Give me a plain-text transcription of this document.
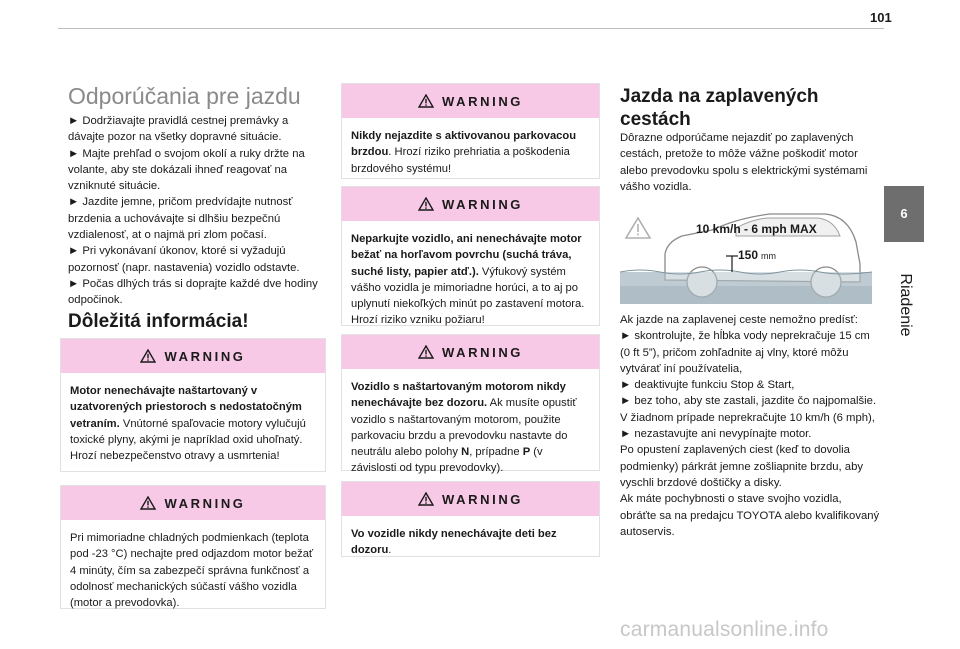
101
6
Riadenie
Odporúčania pre jazdu
► Dodržiavajte pravidlá cestnej premávky a dávajte pozor na všetky dopravné situácie.
► Majte prehľad o svojom okolí a ruky držte na volante, aby ste dokázali ihneď reagovať na vzniknuté situácie.
► Jazdite jemne, pričom predvídajte nutnosť brzdenia a uchovávajte si dlhšiu bezpečnú vzdialenosť, at o najmä pri zlom počasí.
► Pri vykonávaní úkonov, ktoré si vyžadujú pozornosť (napr. nastavenia) vozidlo odstavte.
► Počas dlhých trás si doprajte každé dve hodiny odpočinok.
Dôležitá informácia!
WARNING
Motor nenechávajte naštartovaný v uzatvorených priestoroch s nedostatočným vetraním. Vnútorné spaľovacie motory vylučujú toxické plyny, akými je napríklad oxid uhoľnatý. Hrozí nebezpečenstvo otravy a usmrtenia!
WARNING
Pri mimoriadne chladných podmienkach (teplota pod -23 °C) nechajte pred odjazdom motor bežať 4 minúty, čím sa zabezpečí správna funkčnosť a odolnosť mechanických súčastí vášho vozidla (motor a prevodovka).
WARNING
Nikdy nejazdite s aktivovanou parkovacou brzdou. Hrozí riziko prehriatia a poškodenia brzdového systému!
WARNING
Neparkujte vozidlo, ani nenechávajte motor bežať na horľavom povrchu (suchá tráva, suché listy, papier atď.). Výfukový systém vášho vozidla je mimoriadne horúci, a to aj po uplynutí niekoľkých minút po zastavení motora. Hrozí riziko vzniku požiaru!
WARNING
Vozidlo s naštartovaným motorom nikdy nenechávajte bez dozoru. Ak musíte opustiť vozidlo s naštartovaným motorom, použite parkovaciu brzdu a prevodovku nastavte do neutrálu alebo polohy N, prípadne P (v závislosti od typu prevodovky).
WARNING
Vo vozidle nikdy nenechávajte deti bez dozoru.
Jazda na zaplavených cestách
Dôrazne odporúčame nejazdiť po zaplavených cestách, pretože to môže vážne poškodiť motor alebo prevodovku spolu s elektrickými systémami vášho vozidla.
10 km/h - 6 mph MAX
150 mm
Ak jazde na zaplavenej ceste nemožno predísť:
► skontrolujte, že hĺbka vody neprekračuje 15 cm (0 ft 5”), pričom zohľadnite aj vlny, ktoré môžu vytvárať iní používatelia,
► deaktivujte funkciu Stop & Start,
► bez toho, aby ste zastali, jazdite čo najpomalšie. V žiadnom prípade neprekračujte 10 km/h (6 mph),
► nezastavujte ani nevypínajte motor.
Po opustení zaplavených ciest (keď to dovolia podmienky) párkrát jemne zošliapnite brzdu, aby vyschli brzdové doštičky a disky.
Ak máte pochybnosti o stave svojho vozidla, obráťte sa na predajcu TOYOTA alebo kvalifikovaný autoservis.
carmanualsonline.info
